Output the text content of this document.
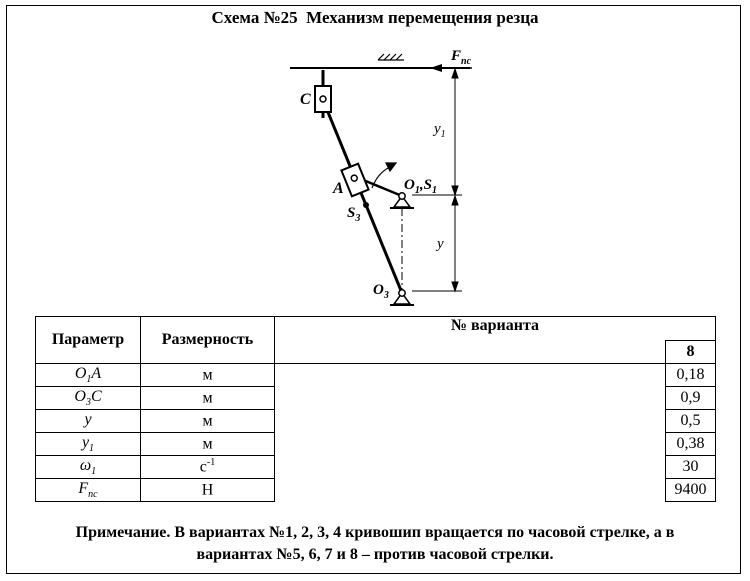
Схема №25  Механизм перемещения резца
$F_{пс}$
C
A	$O_1,S_1$
$S_3$
$O_3$
$y_1$
y
Параметр	Размерность	№ варианта	
			8
$O_1A$	м		0,18
$O_3C$	м		0,9
y	м		0,5
$y_1$	м		0,38
$\omega_1$	$с^{-1}$		30
$F_{пс}$	Н		9400
Примечание. В вариантах №1, 2, 3, 4 кривошип вращается по часовой стрелке, а в
вариантах №5, 6, 7 и 8 – против часовой стрелки.
